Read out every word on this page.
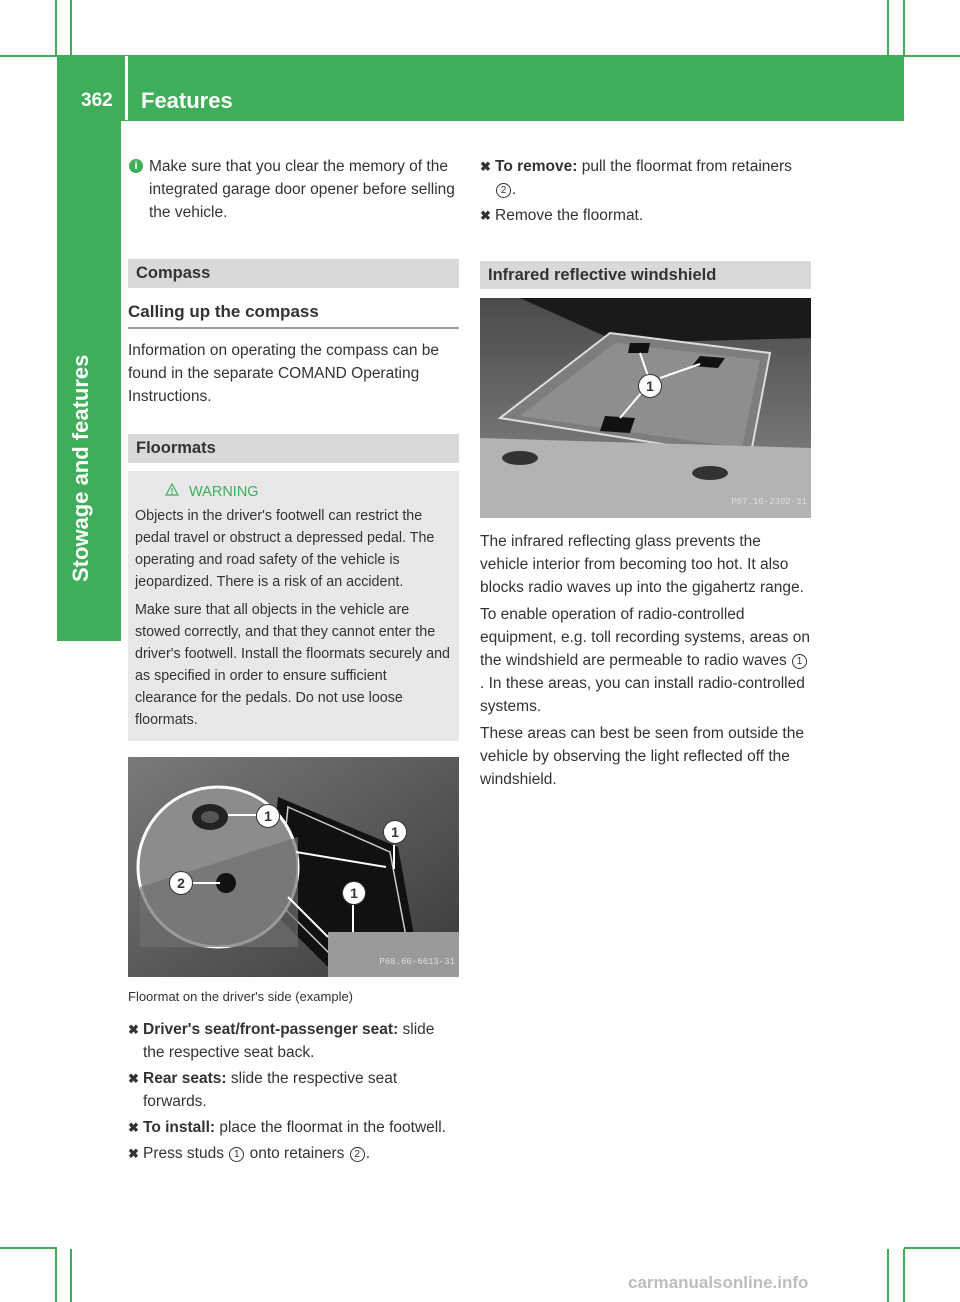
362 Features
Stowage and features
i Make sure that you clear the memory of the integrated garage door opener before selling the vehicle.
Compass
Calling up the compass

Information on operating the compass can be found in the separate COMAND Operating Instructions.

Floormats
WARNING

Objects in the driver's footwell can restrict the pedal travel or obstruct a depressed pedal. The operating and road safety of the vehicle is jeopardized. There is a risk of an accident.

Make sure that all objects in the vehicle are stowed correctly, and that they cannot enter the driver's footwell. Install the floormats securely and as specified in order to ensure sufficient clearance for the pedals. Do not use loose floormats.

1
1
1
2
P68.60-6613-31
Floormat on the driver's side (example)
✖ Driver's seat/front-passenger seat: slide the respective seat back.
✖ Rear seats: slide the respective seat forwards.
✖ To install: place the floormat in the footwell.
✖ Press studs 1 onto retainers 2 .
✖ To remove: pull the floormat from retainers 2 .
✖ Remove the floormat.
Infrared reflective windshield
1
P67.10-2392-31

The infrared reflecting glass prevents the vehicle interior from becoming too hot. It also blocks radio waves up into the gigahertz range.

To enable operation of radio-controlled equipment, e.g. toll recording systems, areas on the windshield are permeable to radio waves 1. In these areas, you can install radio-controlled systems.

These areas can best be seen from outside the vehicle by observing the light reflected off the windshield.

carmanualsonline.info
